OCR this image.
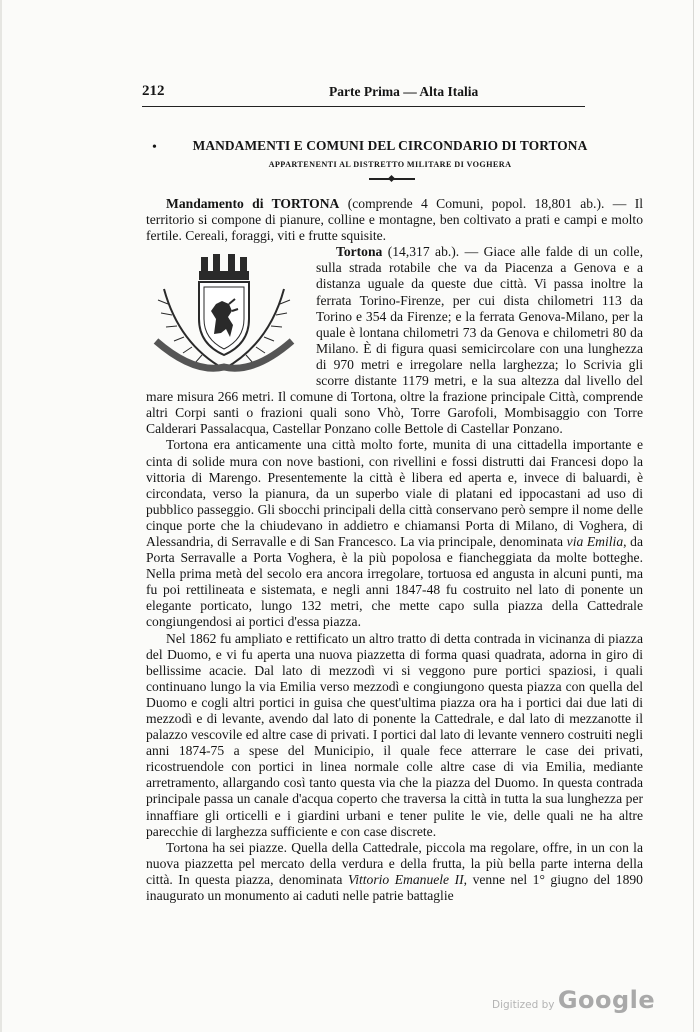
212	Parte Prima — Alta Italia
•	MANDAMENTI E COMUNI DEL CIRCONDARIO DI TORTONA
APPARTENENTI AL DISTRETTO MILITARE DI VOGHERA

Mandamento di TORTONA (comprende 4 Comuni, popol. 18,801 ab.). — Il territorio si compone di pianure, colline e montagne, ben coltivato a prati e campi e molto fertile. Cereali, foraggi, viti e frutte squisite.

Tortona (14,317 ab.). — Giace alle falde di un colle, sulla strada rotabile che va da Piacenza a Genova e a distanza uguale da queste due città. Vi passa inoltre la ferrata Torino-Firenze, per cui dista chilometri 113 da Torino e 354 da Firenze; e la ferrata Genova-Milano, per la quale è lontana chilometri 73 da Genova e chilometri 80 da Milano. È di figura quasi semicircolare con una lunghezza di 970 metri e irregolare nella larghezza; lo Scrivia gli scorre distante 1179 metri, e la sua altezza dal livello del mare misura 266 metri. Il comune di Tortona, oltre la frazione principale Città, comprende altri Corpi santi o frazioni quali sono Vhò, Torre Garofoli, Mombisaggio con Torre Calderari Passalacqua, Castellar Ponzano colle Bettole di Castellar Ponzano.

Tortona era anticamente una città molto forte, munita di una cittadella importante e cinta di solide mura con nove bastioni, con rivellini e fossi distrutti dai Francesi dopo la vittoria di Marengo. Presentemente la città è libera ed aperta e, invece di baluardi, è circondata, verso la pianura, da un superbo viale di platani ed ippocastani ad uso di pubblico passeggio. Gli sbocchi principali della città conservano però sempre il nome delle cinque porte che la chiudevano in addietro e chiamansi Porta di Milano, di Voghera, di Alessandria, di Serravalle e di San Francesco. La via principale, denominata via Emilia, da Porta Serravalle a Porta Voghera, è la più popolosa e fiancheggiata da molte botteghe. Nella prima metà del secolo era ancora irregolare, tortuosa ed angusta in alcuni punti, ma fu poi rettilineata e sistemata, e negli anni 1847-48 fu costruito nel lato di ponente un elegante porticato, lungo 132 metri, che mette capo sulla piazza della Cattedrale congiungendosi ai portici d'essa piazza.

Nel 1862 fu ampliato e rettificato un altro tratto di detta contrada in vicinanza di piazza del Duomo, e vi fu aperta una nuova piazzetta di forma quasi quadrata, adorna in giro di bellissime acacie. Dal lato di mezzodì vi si veggono pure portici spaziosi, i quali continuano lungo la via Emilia verso mezzodì e congiungono questa piazza con quella del Duomo e cogli altri portici in guisa che quest'ultima piazza ora ha i portici dai due lati di mezzodì e di levante, avendo dal lato di ponente la Cattedrale, e dal lato di mezzanotte il palazzo vescovile ed altre case di privati. I portici dal lato di levante vennero costruiti negli anni 1874-75 a spese del Municipio, il quale fece atterrare le case dei privati, ricostruendole con portici in linea normale colle altre case di via Emilia, mediante arretramento, allargando così tanto questa via che la piazza del Duomo. In questa contrada principale passa un canale d'acqua coperto che traversa la città in tutta la sua lunghezza per innaffiare gli orticelli e i giardini urbani e tener pulite le vie, delle quali ne ha altre parecchie di larghezza sufficiente e con case discrete.

Tortona ha sei piazze. Quella della Cattedrale, piccola ma regolare, offre, in un con la nuova piazzetta pel mercato della verdura e della frutta, la più bella parte interna della città. In questa piazza, denominata Vittorio Emanuele II, venne nel 1° giugno del 1890 inaugurato un monumento ai caduti nelle patrie battaglie

Digitized by Google
